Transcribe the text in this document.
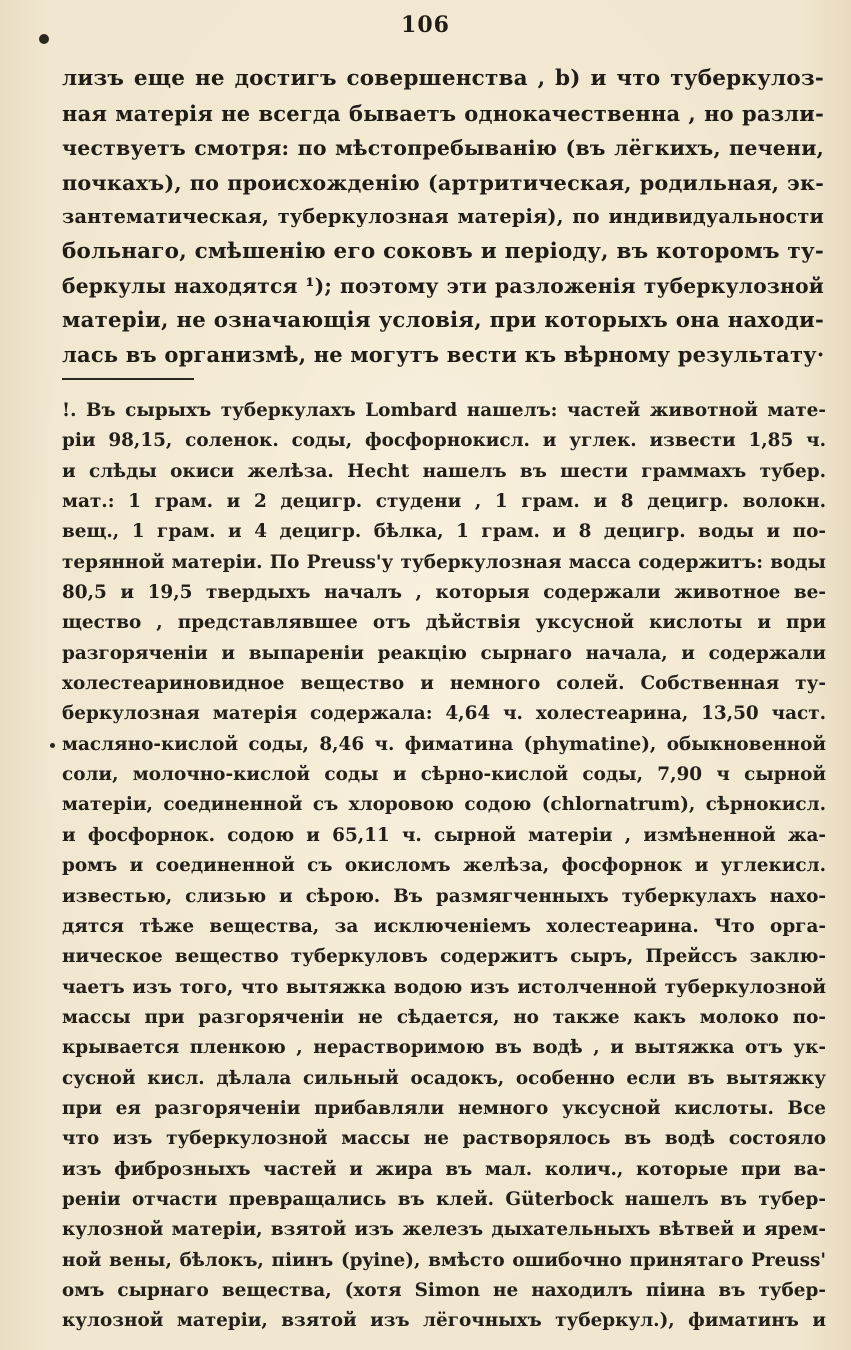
106
лизъ еще не достигъ совершенства , b) и что туберкулоз-
ная матерія не всегда бываетъ однокачественна , но разли-
чествуетъ смотря: по мѣстопребыванію (въ лёгкихъ, печени,
почкахъ), по происхожденію (артритическая, родильная, эк-
зантематическая, туберкулозная матерія), по индивидуальности
больнаго, смѣшенію его соковъ и періоду, въ которомъ ту-
беркулы находятся ¹); поэтому эти разложенія туберкулозной
матеріи, не означающія условія, при которыхъ она находи-
лась въ организмѣ, не могутъ вести къ вѣрному результату·
!. Въ сырыхъ туберкулахъ Lombard нашелъ: частей животной мате-
ріи 98,15, соленок. соды, фосфорнокисл. и углек. извести 1,85 ч.
и слѣды окиси желѣза. Hecht нашелъ въ шести граммахъ тубер.
мат.: 1 грам. и 2 децигр. студени , 1 грам. и 8 децигр. волокн.
вещ., 1 грам. и 4 децигр. бѣлка, 1 грам. и 8 децигр. воды и по-
терянной матеріи. По Preuss'у туберкулозная масса содержитъ: воды
80,5 и 19,5 твердыхъ началъ , которыя содержали животное ве-
щество , представлявшее отъ дѣйствія уксусной кислоты и при
разгоряченіи и выпареніи реакцію сырнаго начала, и содержали
холестеариновидное вещество и немного солей. Собственная ту-
беркулозная матерія содержала: 4,64 ч. холестеарина, 13,50 част.
масляно-кислой соды, 8,46 ч. фиматина (phymatine), обыкновенной
соли, молочно-кислой соды и сѣрно-кислой соды, 7,90 ч сырной
матеріи, соединенной съ хлоровою содою (chlornatrum), сѣрнокисл.
и фосфорнок. содою и 65,11 ч. сырной матеріи , измѣненной жа-
ромъ и соединенной съ окисломъ желѣза, фосфорнок и углекисл.
известью, слизью и сѣрою. Въ размягченныхъ туберкулахъ нахо-
дятся тѣже вещества, за исключеніемъ холестеарина. Что орга-
ническое вещество туберкуловъ содержитъ сыръ, Прейссъ заклю-
чаетъ изъ того, что вытяжка водою изъ истолченной туберкулозной
массы при разгоряченіи не сѣдается, но также какъ молоко по-
крывается пленкою , нерастворимою въ водѣ , и вытяжка отъ ук-
сусной кисл. дѣлала сильный осадокъ, особенно если въ вытяжку
при ея разгоряченіи прибавляли немного уксусной кислоты. Все
что изъ туберкулозной массы не растворялось въ водѣ состояло
изъ фиброзныхъ частей и жира въ мал. колич., которые при ва-
реніи отчасти превращались въ клей. Güterbock нашелъ въ тубер-
кулозной матеріи, взятой изъ железъ дыхательныхъ вѣтвей и ярем-
ной вены, бѣлокъ, піинъ (pyine), вмѣсто ошибочно принятаго Preuss'
омъ сырнаго вещества, (хотя Simon не находилъ піина въ тубер-
кулозной матеріи, взятой изъ лёгочныхъ туберкул.), фиматинъ и
